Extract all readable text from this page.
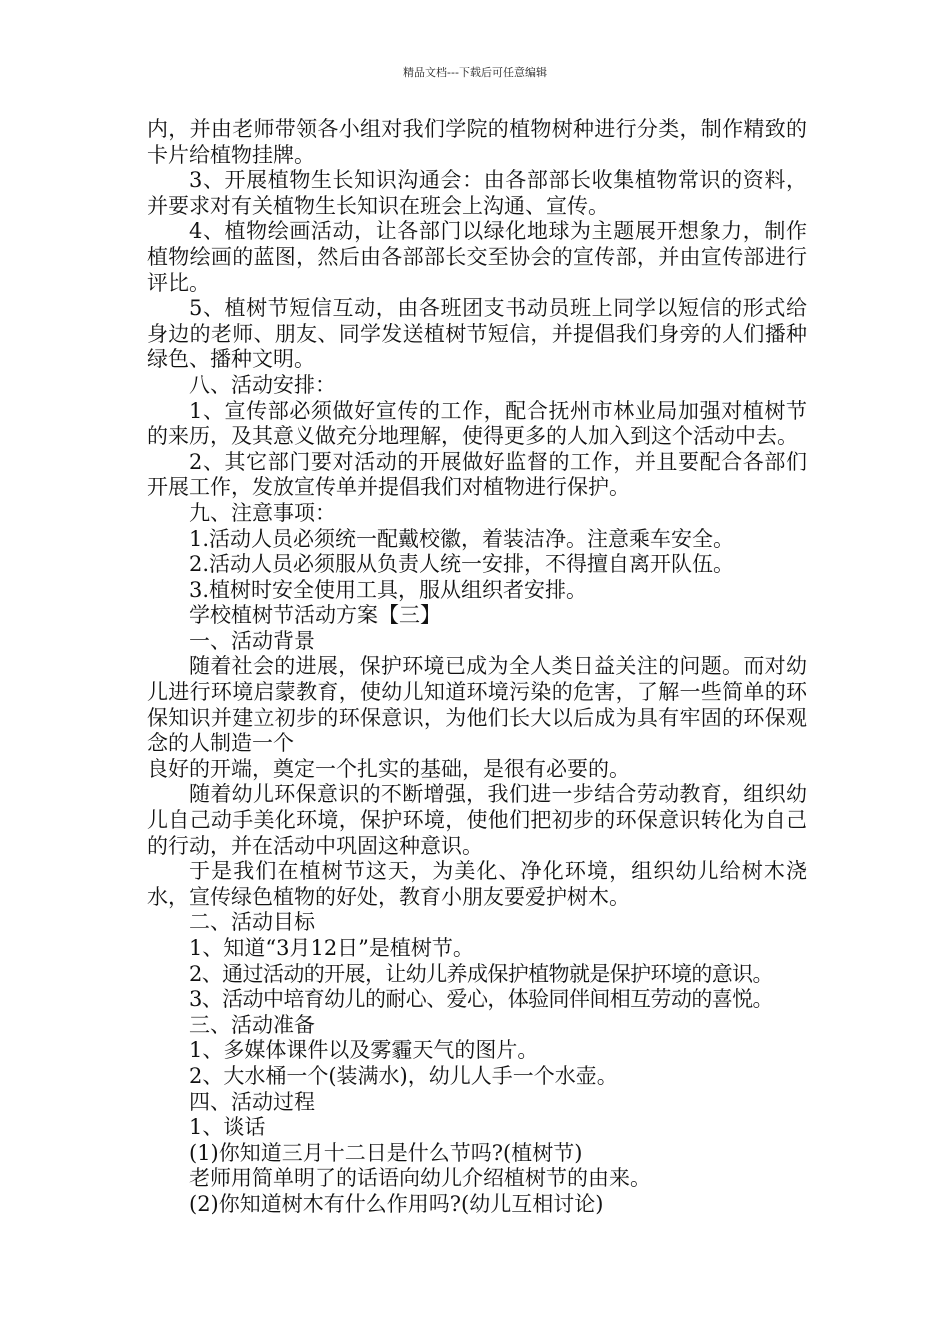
精品文档---下载后可任意编辑

内，并由老师带领各小组对我们学院的植物树种进行分类，制作精致的卡片给植物挂牌。

3、开展植物生长知识沟通会：由各部部长收集植物常识的资料，并要求对有关植物生长知识在班会上沟通、宣传。

4、植物绘画活动，让各部门以绿化地球为主题展开想象力，制作植物绘画的蓝图，然后由各部部长交至协会的宣传部，并由宣传部进行评比。

5、植树节短信互动，由各班团支书动员班上同学以短信的形式给身边的老师、朋友、同学发送植树节短信，并提倡我们身旁的人们播种绿色、播种文明。

八、活动安排：

1、宣传部必须做好宣传的工作，配合抚州市林业局加强对植树节的来历，及其意义做充分地理解，使得更多的人加入到这个活动中去。

2、其它部门要对活动的开展做好监督的工作，并且要配合各部们开展工作，发放宣传单并提倡我们对植物进行保护。

九、注意事项：

1.活动人员必须统一配戴校徽，着装洁净。注意乘车安全。

2.活动人员必须服从负责人统一安排，不得擅自离开队伍。

3.植树时安全使用工具，服从组织者安排。

学校植树节活动方案【三】

一、活动背景

随着社会的进展，保护环境已成为全人类日益关注的问题。而对幼儿进行环境启蒙教育，使幼儿知道环境污染的危害，了解一些简单的环保知识并建立初步的环保意识，为他们长大以后成为具有牢固的环保观念的人制造一个

良好的开端，奠定一个扎实的基础，是很有必要的。

随着幼儿环保意识的不断增强，我们进一步结合劳动教育，组织幼儿自己动手美化环境，保护环境，使他们把初步的环保意识转化为自己的行动，并在活动中巩固这种意识。

于是我们在植树节这天，为美化、净化环境，组织幼儿给树木浇水，宣传绿色植物的好处，教育小朋友要爱护树木。

二、活动目标

1、知道“3月12日”是植树节。

2、通过活动的开展，让幼儿养成保护植物就是保护环境的意识。

3、活动中培育幼儿的耐心、爱心，体验同伴间相互劳动的喜悦。

三、活动准备

1、多媒体课件以及雾霾天气的图片。

2、大水桶一个(装满水)，幼儿人手一个水壶。

四、活动过程

1、谈话

(1)你知道三月十二日是什么节吗?(植树节)

老师用简单明了的话语向幼儿介绍植树节的由来。

(2)你知道树木有什么作用吗?(幼儿互相讨论)
